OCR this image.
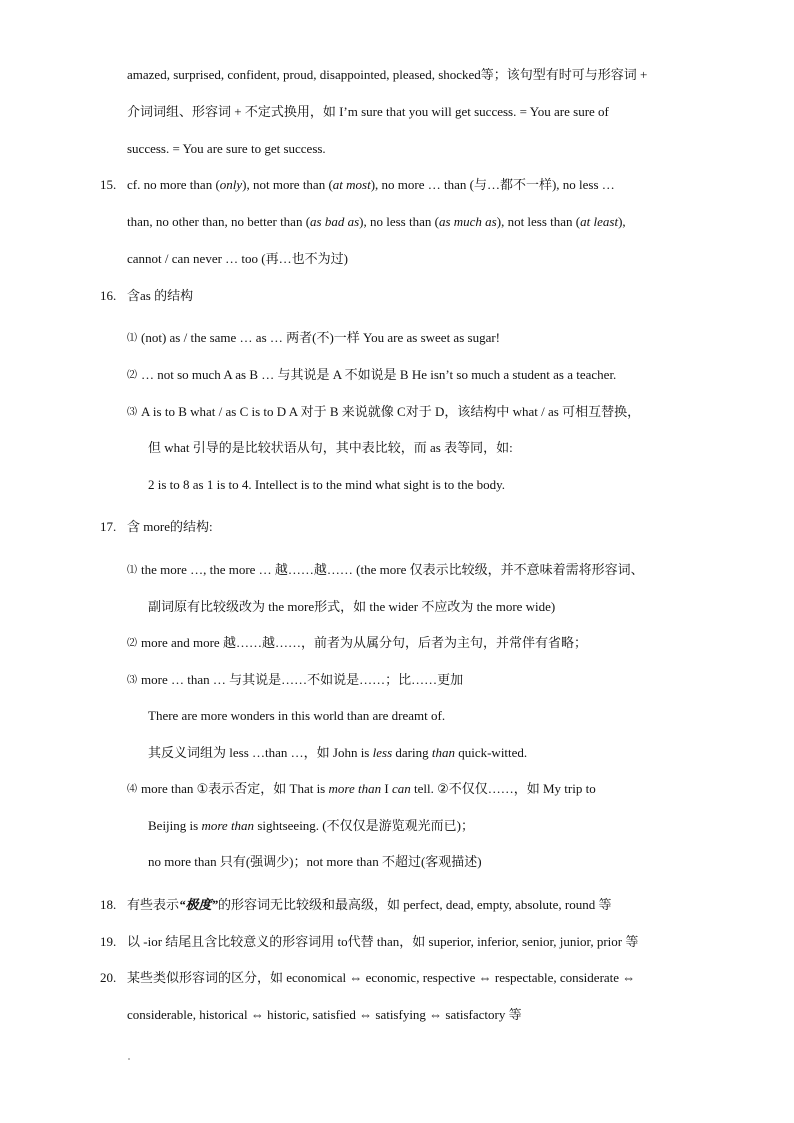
amazed, surprised, confident, proud, disappointed, pleased, shocked等；该句型有时可与形容词 +
介词词组、形容词 + 不定式换用，如 I’m sure that you will get success. = You are sure of
success. = You are sure to get success.
15. cf. no more than (only), not more than (at most), no more … than (与…都不一样), no less …
than, no other than, no better than (as bad as), no less than (as much as), not less than (at least),
cannot / can never … too (再…也不为过)
16. 含as 的结构
⑴ (not) as / the same … as … 两者(不)一样 You are as sweet as sugar!
⑵ … not so much A as B … 与其说是 A 不如说是 B He isn’t so much a student as a teacher.
⑶ A is to B what / as C is to D A 对于 B 来说就像 C对于 D，该结构中 what / as 可相互替换，
但 what 引导的是比较状语从句，其中表比较，而 as 表等同，如:
2 is to 8 as 1 is to 4. Intellect is to the mind what sight is to the body.
17. 含 more的结构:
⑴ the more …, the more … 越……越…… (the more 仅表示比较级，并不意味着需将形容词、
副词原有比较级改为 the more形式，如 the wider 不应改为 the more wide)
⑵ more and more 越……越……，前者为从属分句，后者为主句，并常伴有省略；
⑶ more … than … 与其说是……不如说是……；比……更加
There are more wonders in this world than are dreamt of.
其反义词组为 less …than …，如 John is less daring than quick-witted.
⑷ more than ①表示否定，如 That is more than I can tell. ②不仅仅……，如 My trip to
Beijing is more than sightseeing. (不仅仅是游览观光而已)；
no more than 只有(强调少)；not more than 不超过(客观描述)
18. 有些表示“极度”的形容词无比较级和最高级，如 perfect, dead, empty, absolute, round 等
19. 以 -ior 结尾且含比较意义的形容词用 to代替 than，如 superior, inferior, senior, junior, prior 等
20. 某些类似形容词的区分，如 economical ⇔ economic, respective ⇔ respectable, considerate ⇔
considerable, historical ⇔ historic, satisfied ⇔ satisfying ⇔ satisfactory 等
